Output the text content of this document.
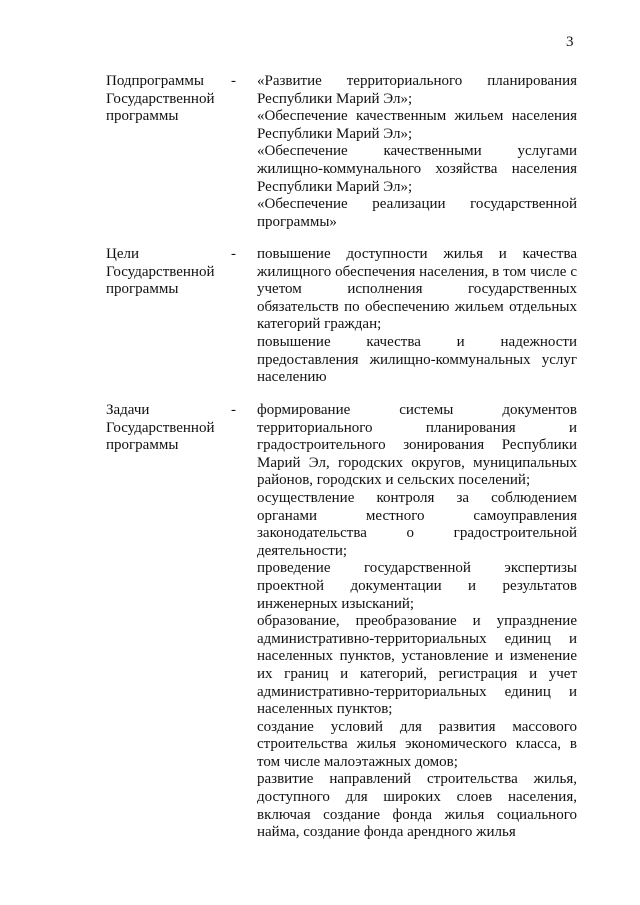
3
Подпрограммы
Государственной
программы
- «Развитие территориального планирования Республики Марий Эл»;
«Обеспечение качественным жильем населения Республики Марий Эл»;
«Обеспечение качественными услугами жилищно-коммунального хозяйства населения Республики Марий Эл»;
«Обеспечение реализации государственной программы»
Цели
Государственной
программы
- повышение доступности жилья и качества жилищного обеспечения населения, в том числе с учетом исполнения государственных обязательств по обеспечению жильем отдельных категорий граждан;
повышение качества и надежности предоставления жилищно-коммунальных услуг населению
Задачи
Государственной
программы
- формирование системы документов территориального планирования и градостроительного зонирования Республики Марий Эл, городских округов, муниципальных районов, городских и сельских поселений;
осуществление контроля за соблюдением органами местного самоуправления законодательства о градостроительной деятельности;
проведение государственной экспертизы проектной документации и результатов инженерных изысканий;
образование, преобразование и упразднение административно-территориальных единиц и населенных пунктов, установление и изменение их границ и категорий, регистрация и учет административно-территориальных единиц и населенных пунктов;
создание условий для развития массового строительства жилья экономического класса, в том числе малоэтажных домов;
развитие направлений строительства жилья, доступного для широких слоев населения, включая создание фонда жилья социального найма, создание фонда арендного жилья
